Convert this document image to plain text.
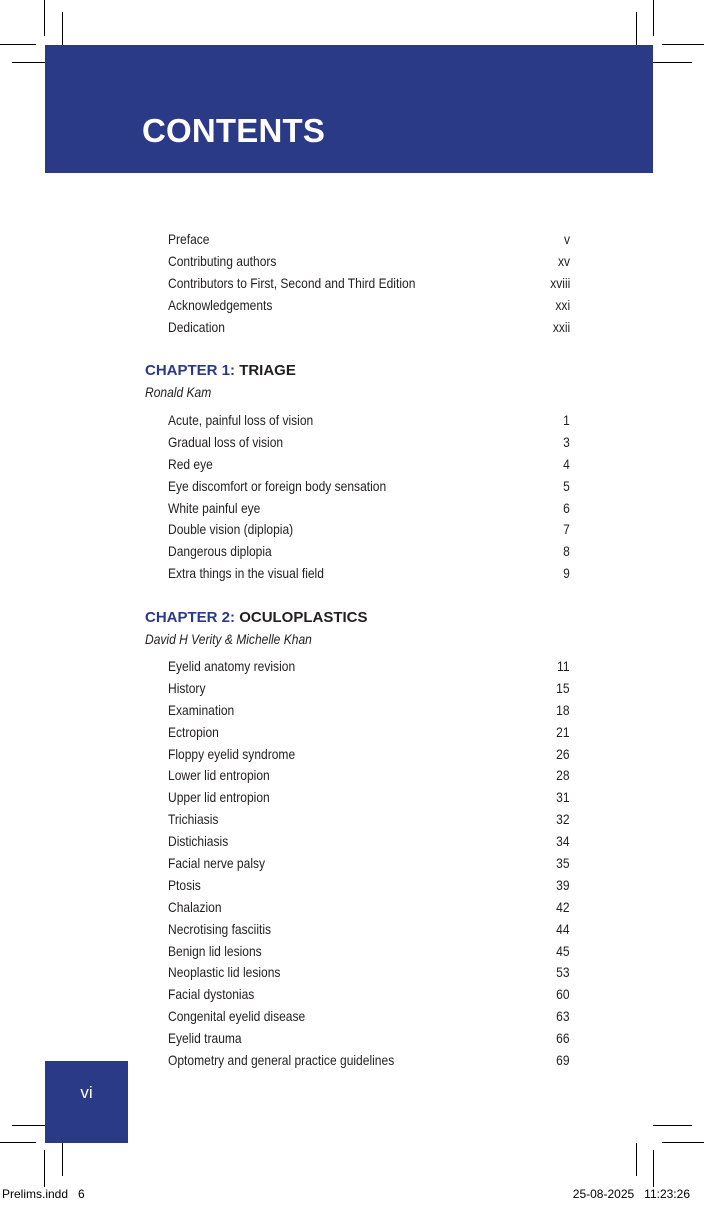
CONTENTS
Preface	v
Contributing authors	xv
Contributors to First, Second and Third Edition	xviii
Acknowledgements	xxi
Dedication	xxii
CHAPTER 1: TRIAGE
Ronald Kam
Acute, painful loss of vision	1
Gradual loss of vision	3
Red eye	4
Eye discomfort or foreign body sensation	5
White painful eye	6
Double vision (diplopia)	7
Dangerous diplopia	8
Extra things in the visual field	9
CHAPTER 2: OCULOPLASTICS
David H Verity & Michelle Khan
Eyelid anatomy revision	11
History	15
Examination	18
Ectropion	21
Floppy eyelid syndrome	26
Lower lid entropion	28
Upper lid entropion	31
Trichiasis	32
Distichiasis	34
Facial nerve palsy	35
Ptosis	39
Chalazion	42
Necrotising fasciitis	44
Benign lid lesions	45
Neoplastic lid lesions	53
Facial dystonias	60
Congenital eyelid disease	63
Eyelid trauma	66
Optometry and general practice guidelines	69
vi
Prelims.indd   6	25-08-2025   11:23:26
